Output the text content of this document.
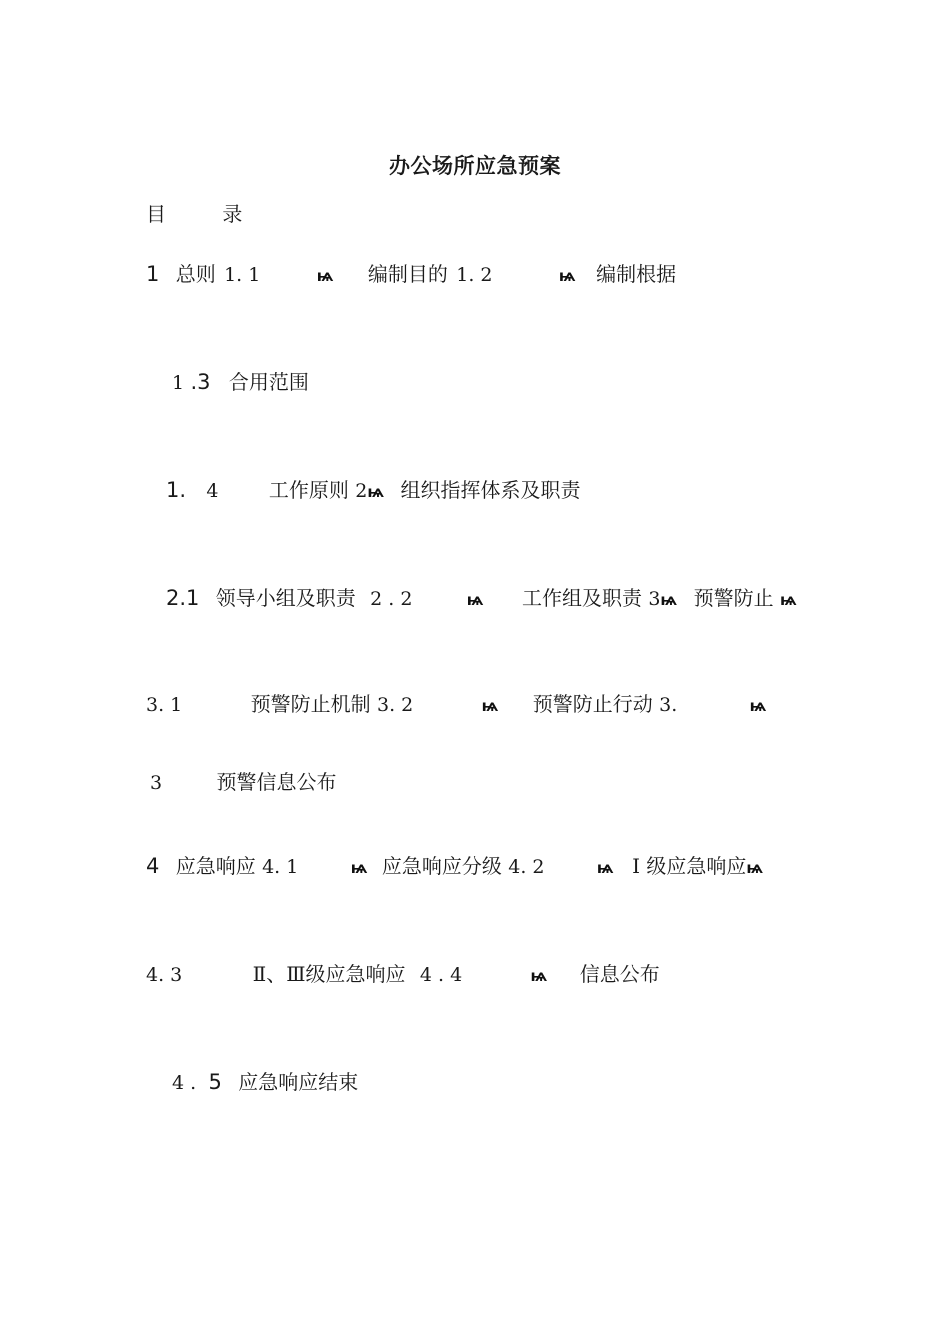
办公场所应急预案
目	录
1 总则 1. 1	ѩ 编制目的 1. 2	ѩ 编制根据
1 .3 合用范围
1. 4	工作原则 2ѩ 组织指挥体系及职责
2.1 领导小组及职责 2 . 2	ѩ 工作组及职责 3ѩ 预警防止 ѩ
3. 1	预警防止机制 3. 2	ѩ 预警防止行动 3.	ѩ
3	预警信息公布
4 应急响应 4. 1	ѩ 应急响应分级 4. 2	ѩ Ⅰ 级应急响应ѩ
4. 3	Ⅱ、Ⅲ级应急响应 4 . 4	ѩ 信息公布
4 . 5 应急响应结束
